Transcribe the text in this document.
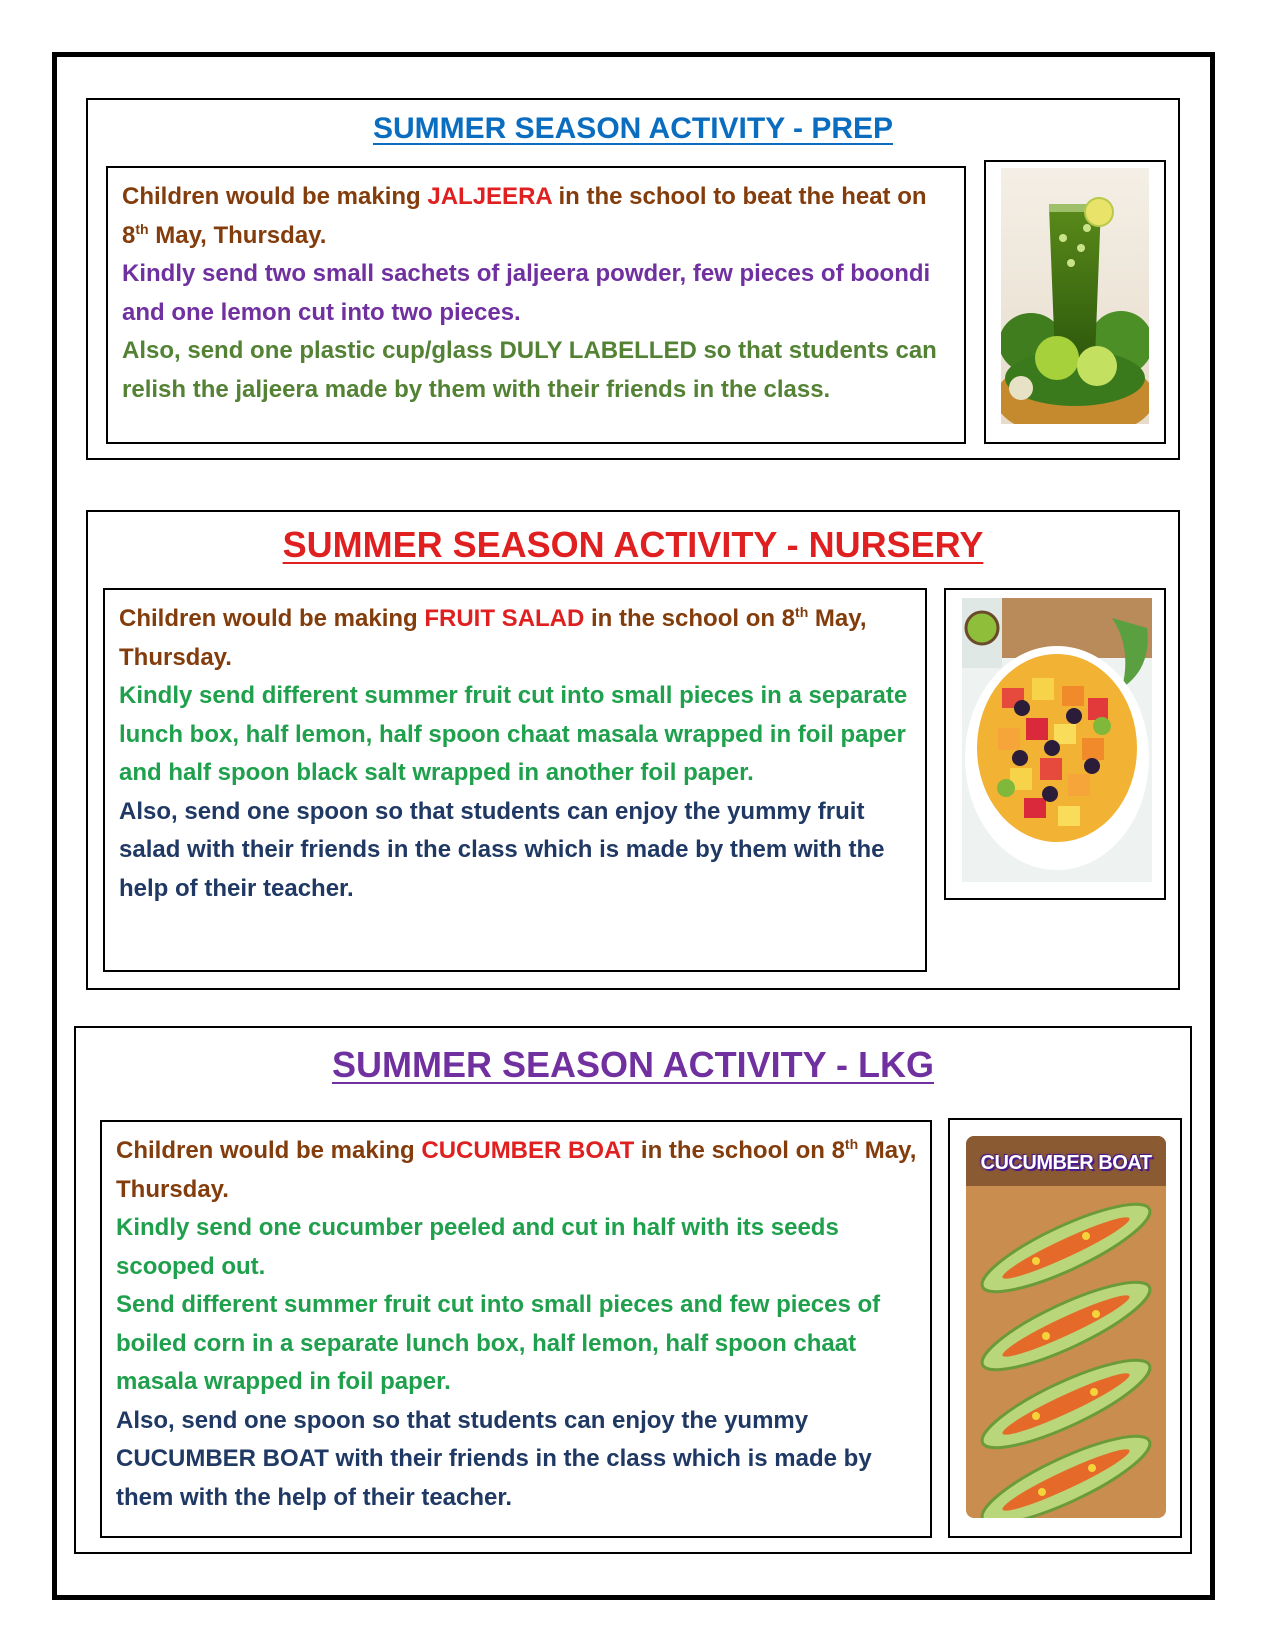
SUMMER SEASON ACTIVITY - PREP

Children would be making JALJEERA in the school to beat the heat on

8th May, Thursday.

Kindly send two small sachets of jaljeera powder, few pieces of boondi and one lemon cut into two pieces.

Also, send one plastic cup/glass DULY LABELLED so that students can relish the jaljeera made by them with their friends in the class.

SUMMER SEASON ACTIVITY - NURSERY

Children would be making FRUIT SALAD in the school on 8th May, Thursday.

Kindly send different summer fruit cut into small pieces in a separate lunch box, half lemon, half spoon chaat masala wrapped in foil paper and half spoon black salt wrapped in another foil paper.

Also, send one spoon so that students can enjoy the yummy fruit salad with their friends in the class which is made by them with the help of their teacher.

SUMMER SEASON ACTIVITY - LKG

Children would be making CUCUMBER BOAT in the school on 8th May, Thursday.

Kindly send one cucumber peeled and cut in half with its seeds scooped out.

Send different summer fruit cut into small pieces and few pieces of boiled corn in a separate lunch box, half lemon, half spoon chaat masala wrapped in foil paper.

Also, send one spoon so that students can enjoy the yummy CUCUMBER BOAT with their friends in the class which is made by them with the help of their teacher.

CUCUMBER BOAT
